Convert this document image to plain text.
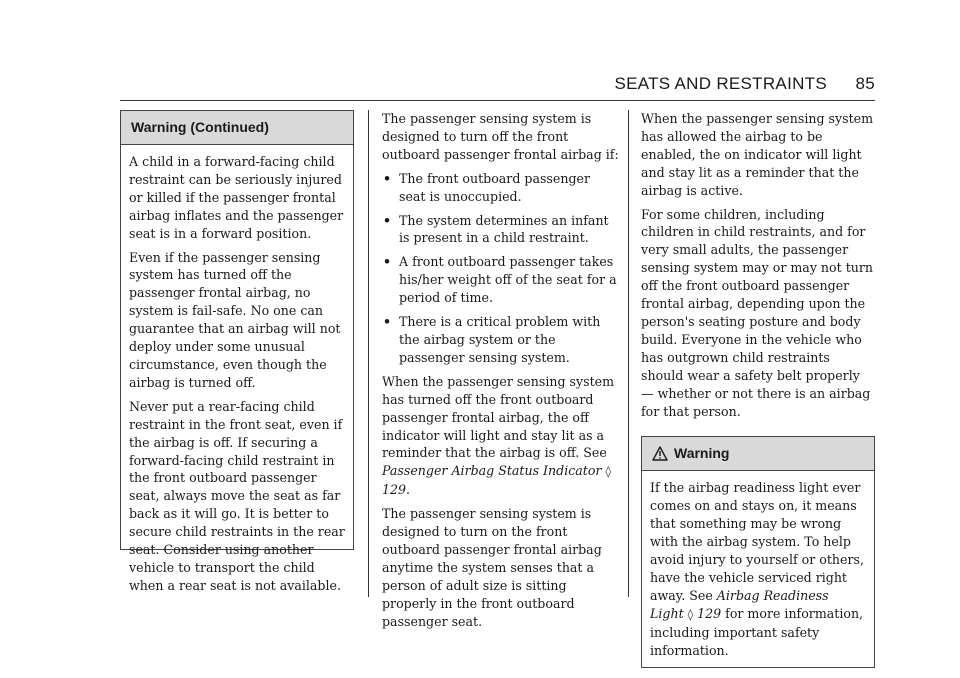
SEATS AND RESTRAINTS 85
Warning (Continued)

A child in a forward-facing child restraint can be seriously injured or killed if the passenger frontal airbag inflates and the passenger seat is in a forward position.

Even if the passenger sensing system has turned off the passenger frontal airbag, no system is fail-safe. No one can guarantee that an airbag will not deploy under some unusual circumstance, even though the airbag is turned off.

Never put a rear-facing child restraint in the front seat, even if the airbag is off. If securing a forward-facing child restraint in the front outboard passenger seat, always move the seat as far back as it will go. It is better to secure child restraints in the rear seat. Consider using another vehicle to transport the child when a rear seat is not available.

The passenger sensing system is designed to turn off the front outboard passenger frontal airbag if:

• The front outboard passenger seat is unoccupied.
• The system determines an infant is present in a child restraint.
• A front outboard passenger takes his/her weight off of the seat for a period of time.
• There is a critical problem with the airbag system or the passenger sensing system.

When the passenger sensing system has turned off the front outboard passenger frontal airbag, the off indicator will light and stay lit as a reminder that the airbag is off. See Passenger Airbag Status Indicator ◊ 129.

The passenger sensing system is designed to turn on the front outboard passenger frontal airbag anytime the system senses that a person of adult size is sitting properly in the front outboard passenger seat.

When the passenger sensing system has allowed the airbag to be enabled, the on indicator will light and stay lit as a reminder that the airbag is active.

For some children, including children in child restraints, and for very small adults, the passenger sensing system may or may not turn off the front outboard passenger frontal airbag, depending upon the person's seating posture and body build. Everyone in the vehicle who has outgrown child restraints should wear a safety belt properly — whether or not there is an airbag for that person.

Warning

If the airbag readiness light ever comes on and stays on, it means that something may be wrong with the airbag system. To help avoid injury to yourself or others, have the vehicle serviced right away. See Airbag Readiness Light ◊ 129 for more information, including important safety information.
